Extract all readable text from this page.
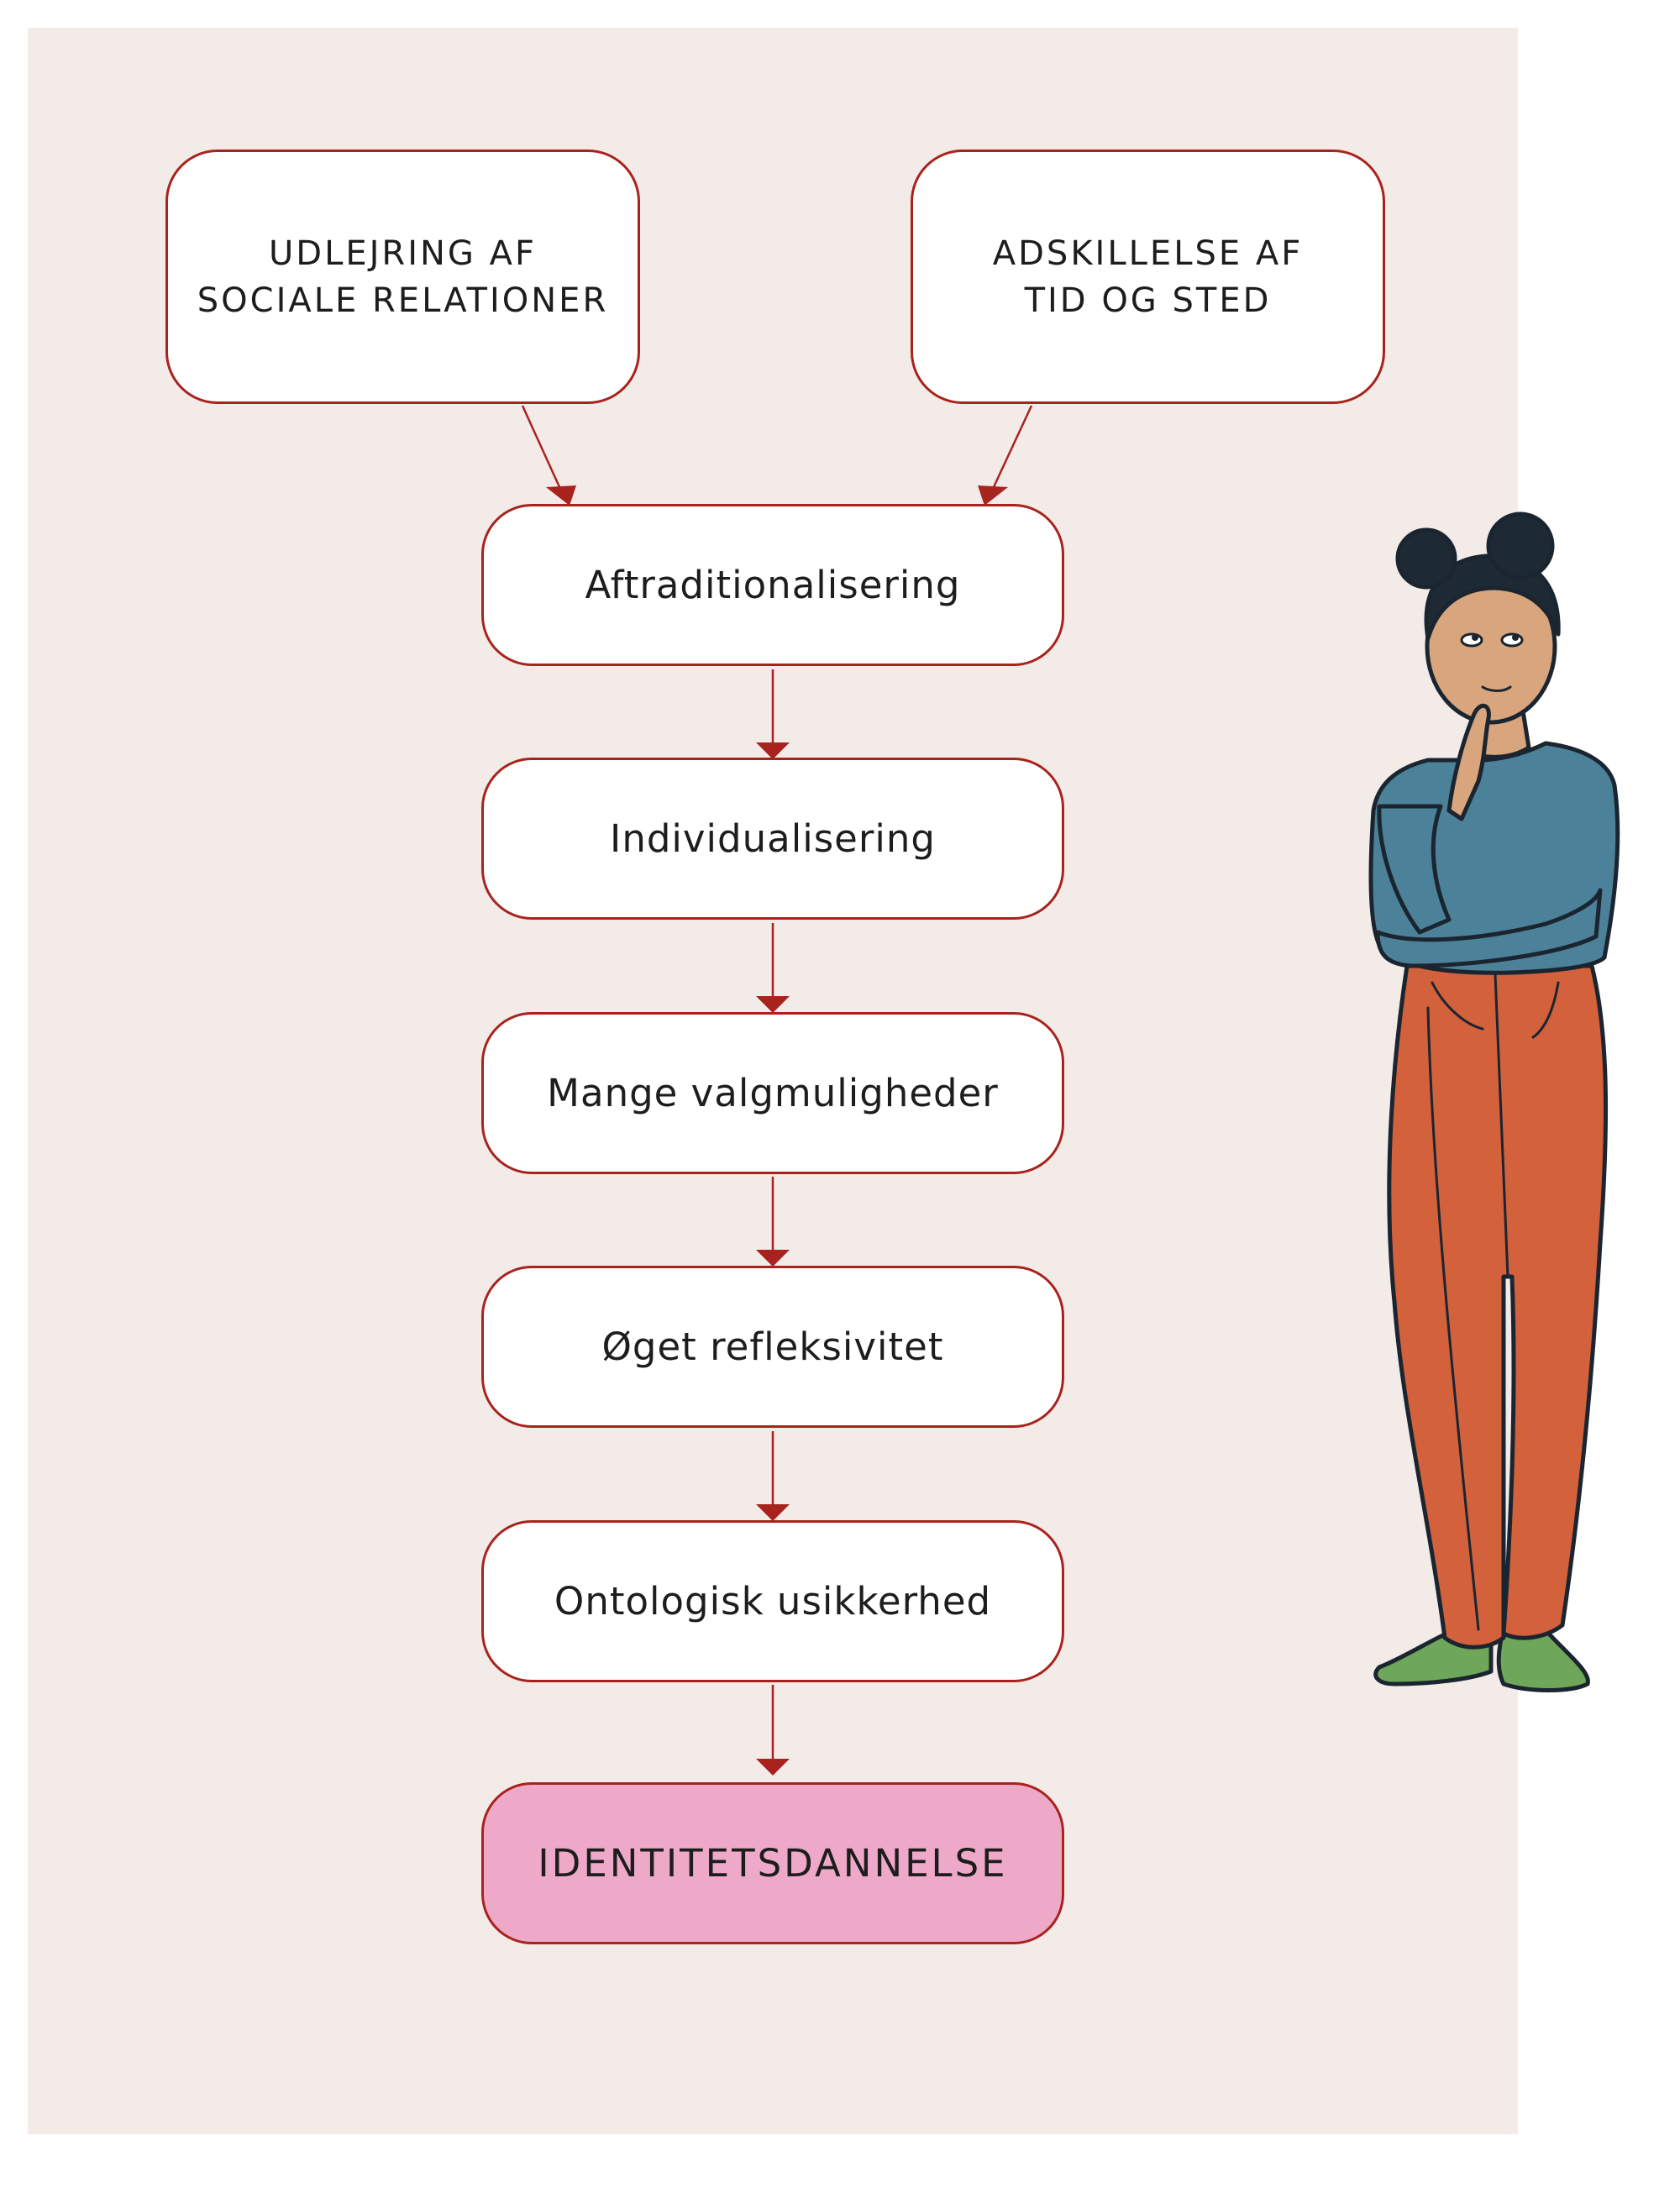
UDLEJRING AF
SOCIALE RELATIONER
ADSKILLELSE AF
TID OG STED
Aftraditionalisering
Individualisering
Mange valgmuligheder
Øget refleksivitet
Ontologisk usikkerhed
IDENTITETSDANNELSE
